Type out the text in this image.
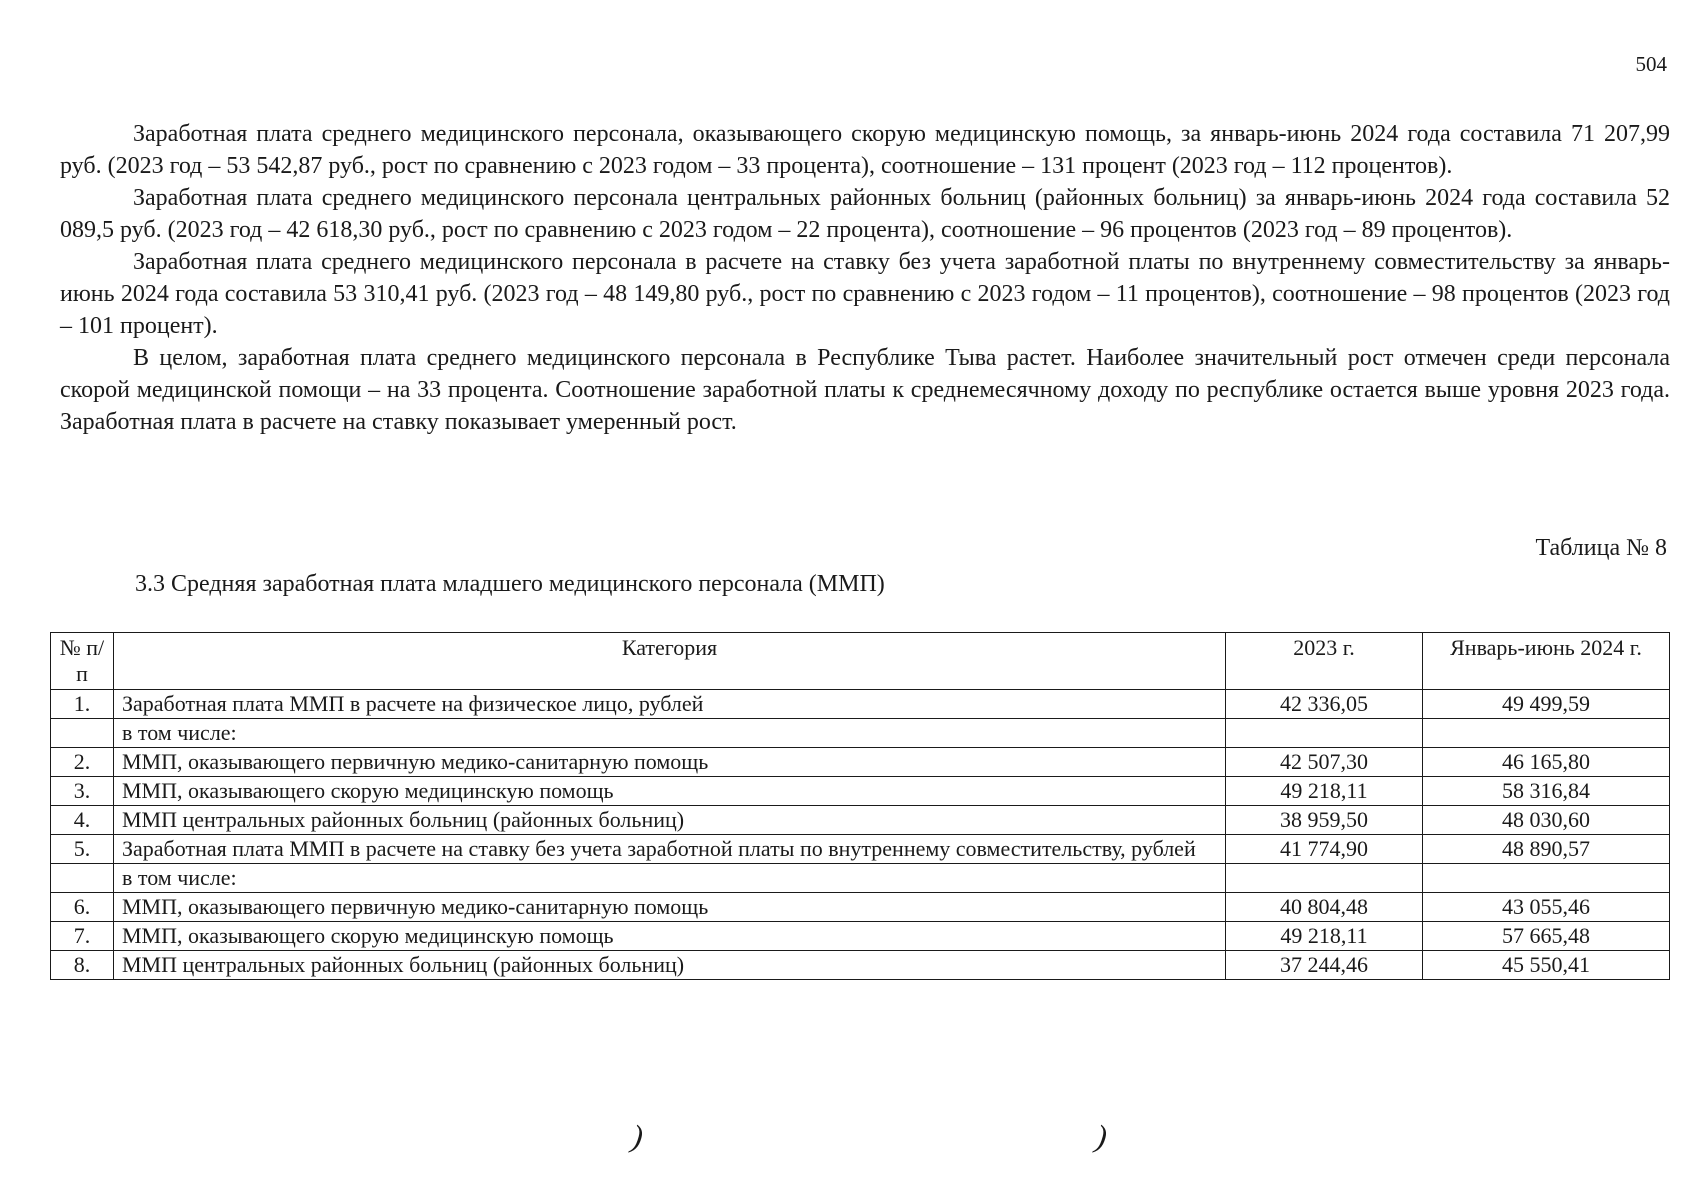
504

Заработная плата среднего медицинского персонала, оказывающего скорую медицинскую помощь, за январь-июнь 2024 года составила 71 207,99 руб. (2023 год – 53 542,87 руб., рост по сравнению с 2023 годом – 33 процента), соотношение – 131 процент (2023 год – 112 процентов).

Заработная плата среднего медицинского персонала центральных районных больниц (районных больниц) за январь-июнь 2024 года составила 52 089,5 руб. (2023 год – 42 618,30 руб., рост по сравнению с 2023 годом – 22 процента), соотношение – 96 процентов (2023 год – 89 процентов).

Заработная плата среднего медицинского персонала в расчете на ставку без учета заработной платы по внутреннему совместительству за январь-июнь 2024 года составила 53 310,41 руб. (2023 год – 48 149,80 руб., рост по сравнению с 2023 годом – 11 процентов), соотношение – 98 процентов (2023 год – 101 процент).

В целом, заработная плата среднего медицинского персонала в Республике Тыва растет. Наиболее значительный рост отмечен среди персонала скорой медицинской помощи – на 33 процента. Соотношение заработной платы к среднемесячному доходу по республике остается выше уровня 2023 года. Заработная плата в расчете на ставку показывает умеренный рост.

Таблица № 8
3.3 Средняя заработная плата младшего медицинского персонала (ММП)
№ п/п	Категория	2023 г.	Январь-июнь 2024 г.
1.	Заработная плата ММП в расчете на физическое лицо, рублей	42 336,05	49 499,59
	в том числе:		
2.	ММП, оказывающего первичную медико-санитарную помощь	42 507,30	46 165,80
3.	ММП, оказывающего скорую медицинскую помощь	49 218,11	58 316,84
4.	ММП центральных районных больниц (районных больниц)	38 959,50	48 030,60
5.	Заработная плата ММП в расчете на ставку без учета заработной платы по внутреннему совместительству, рублей	41 774,90	48 890,57
	в том числе:		
6.	ММП, оказывающего первичную медико-санитарную помощь	40 804,48	43 055,46
7.	ММП, оказывающего скорую медицинскую помощь	49 218,11	57 665,48
8.	ММП центральных районных больниц (районных больниц)	37 244,46	45 550,41
)	)
